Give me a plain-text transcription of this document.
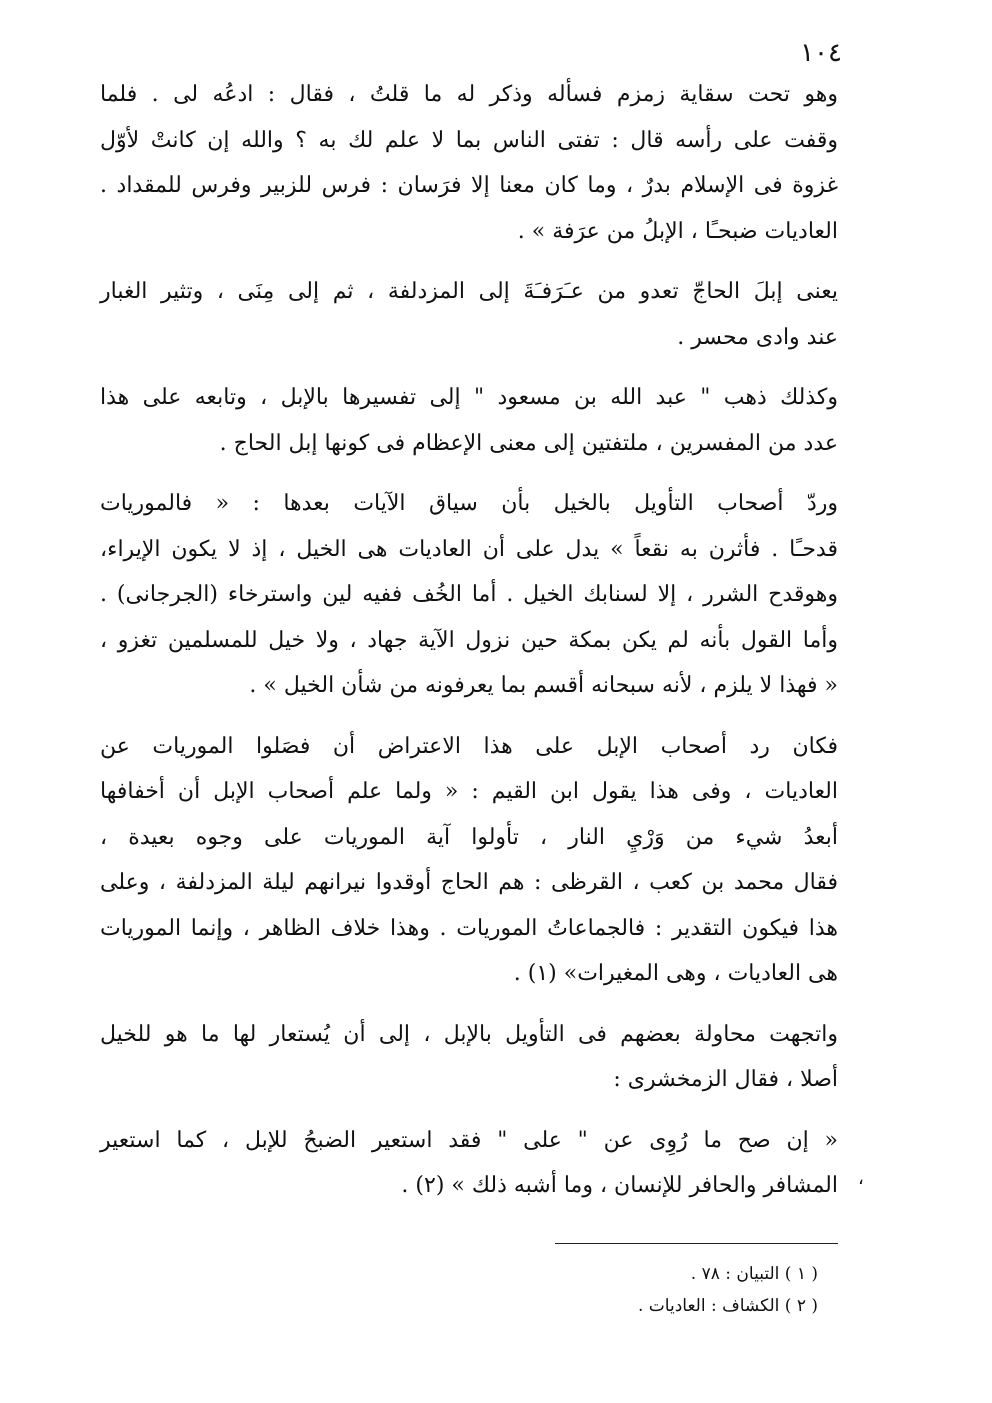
١٠٤
وهو تحت سقاية زمزم فسأله وذكر له ما قلتُ ، فقال : ادعُه لى . فلما
وقفت على رأسه قال : تفتى الناس بما لا علم لك به ؟ والله إن كانتْ لأوّل
غزوة فى الإسلام بدرٌ ، وما كان معنا إلا فرَسان : فرس للزبير وفرس للمقداد .
العاديات ضبحـًا ، الإبلُ من عرَفة » .
يعنى إبلَ الحاجّ تعدو من عـَرَفـَةَ إلى المزدلفة ، ثم إلى مِنَى ، وتثير الغبار
عند وادى محسر .
وكذلك ذهب " عبد الله بن مسعود " إلى تفسيرها بالإبل ، وتابعه على هذا
عدد من المفسرين ، ملتفتين إلى معنى الإعظام فى كونها إبل الحاج .
وردّ أصحاب التأويل بالخيل بأن سياق الآيات بعدها : « فالموريات
قدحـًا . فأثرن به نقعاً » يدل على أن العاديات هى الخيل ، إذ لا يكون الإيراء،
وهوقدح الشرر ، إلا لسنابك الخيل . أما الخُف ففيه لين واسترخاء (الجرجانى) .
وأما القول بأنه لم يكن بمكة حين نزول الآية جهاد ، ولا خيل للمسلمين تغزو ،
« فهذا لا يلزم ، لأنه سبحانه أقسم بما يعرفونه من شأن الخيل » .
فكان رد أصحاب الإبل على هذا الاعتراض أن فصَلوا الموريات عن
العاديات ، وفى هذا يقول ابن القيم : « ولما علم أصحاب الإبل أن أخفافها
أبعدُ شيء من وَرْيِ النار ، تأولوا آية الموريات على وجوه بعيدة ،
فقال محمد بن كعب ، القرظى : هم الحاج أوقدوا نيرانهم ليلة المزدلفة ، وعلى
هذا فيكون التقدير : فالجماعاتُ الموريات . وهذا خلاف الظاهر ، وإنما الموريات
هى العاديات ، وهى المغيرات» (١) .
واتجهت محاولة بعضهم فى التأويل بالإبل ، إلى أن يُستعار لها ما هو للخيل
أصلا ، فقال الزمخشرى :
« إن صح ما رُوِى عن " على " فقد استعير الضبحُ للإبل ، كما استعير
المشافر والحافر للإنسان ، وما أشبه ذلك » (٢) . ،
( ١ ) التبيان : ٧٨ .
( ٢ ) الكشاف : العاديات .
